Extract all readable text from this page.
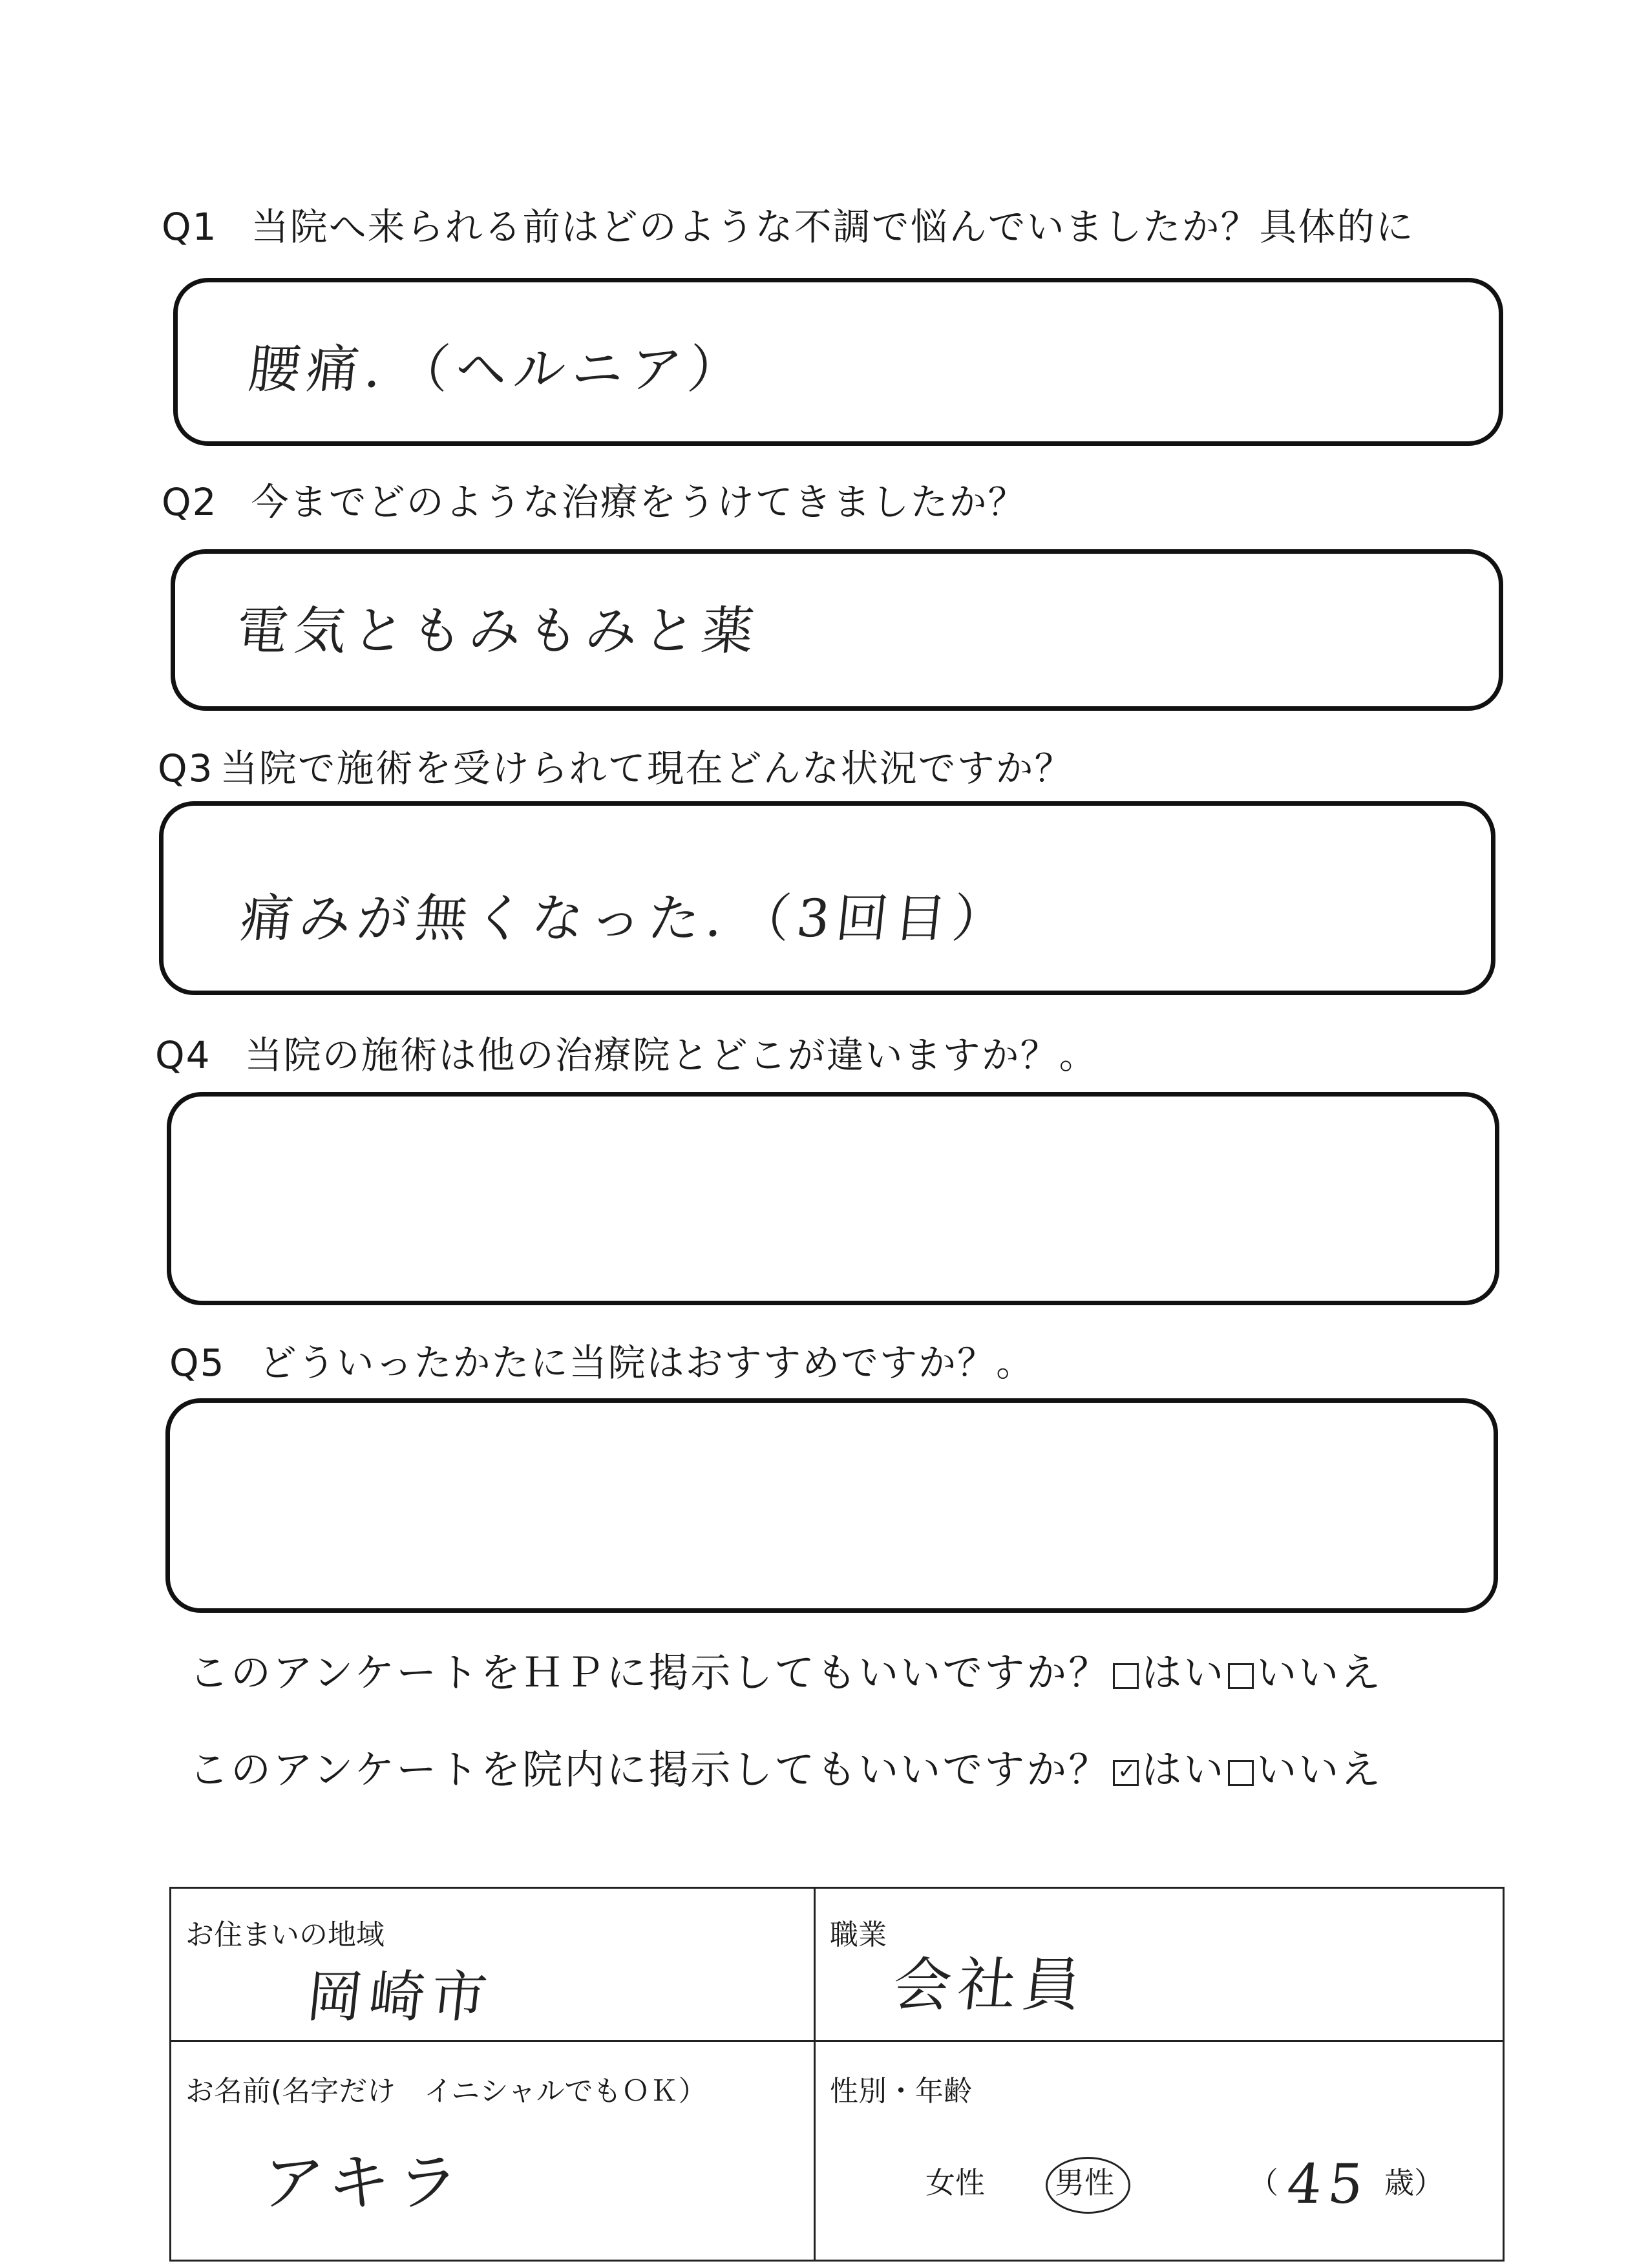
Q1 当院へ来られる前はどのような不調で悩んでいましたか？具体的に
腰痛．（ヘルニア）
Q2 今までどのような治療をうけてきましたか？
電気ともみもみと薬
Q3 当院で施術を受けられて現在どんな状況ですか？
痛みが無くなった．（3回目）
Q4 当院の施術は他の治療院とどこが違いますか？。
Q5 どういったかたに当院はおすすめですか？。
このアンケートをＨＰに掲示してもいいですか？ はい いいえ
このアンケートを院内に掲示してもいいですか？ ✓ はい いいえ
お住まいの地域
岡崎市
職業
会社員
お名前(名字だけ　イニシャルでもＯＫ）
アキラ
性別・年齢
女性 男性	（ 45 歳）
